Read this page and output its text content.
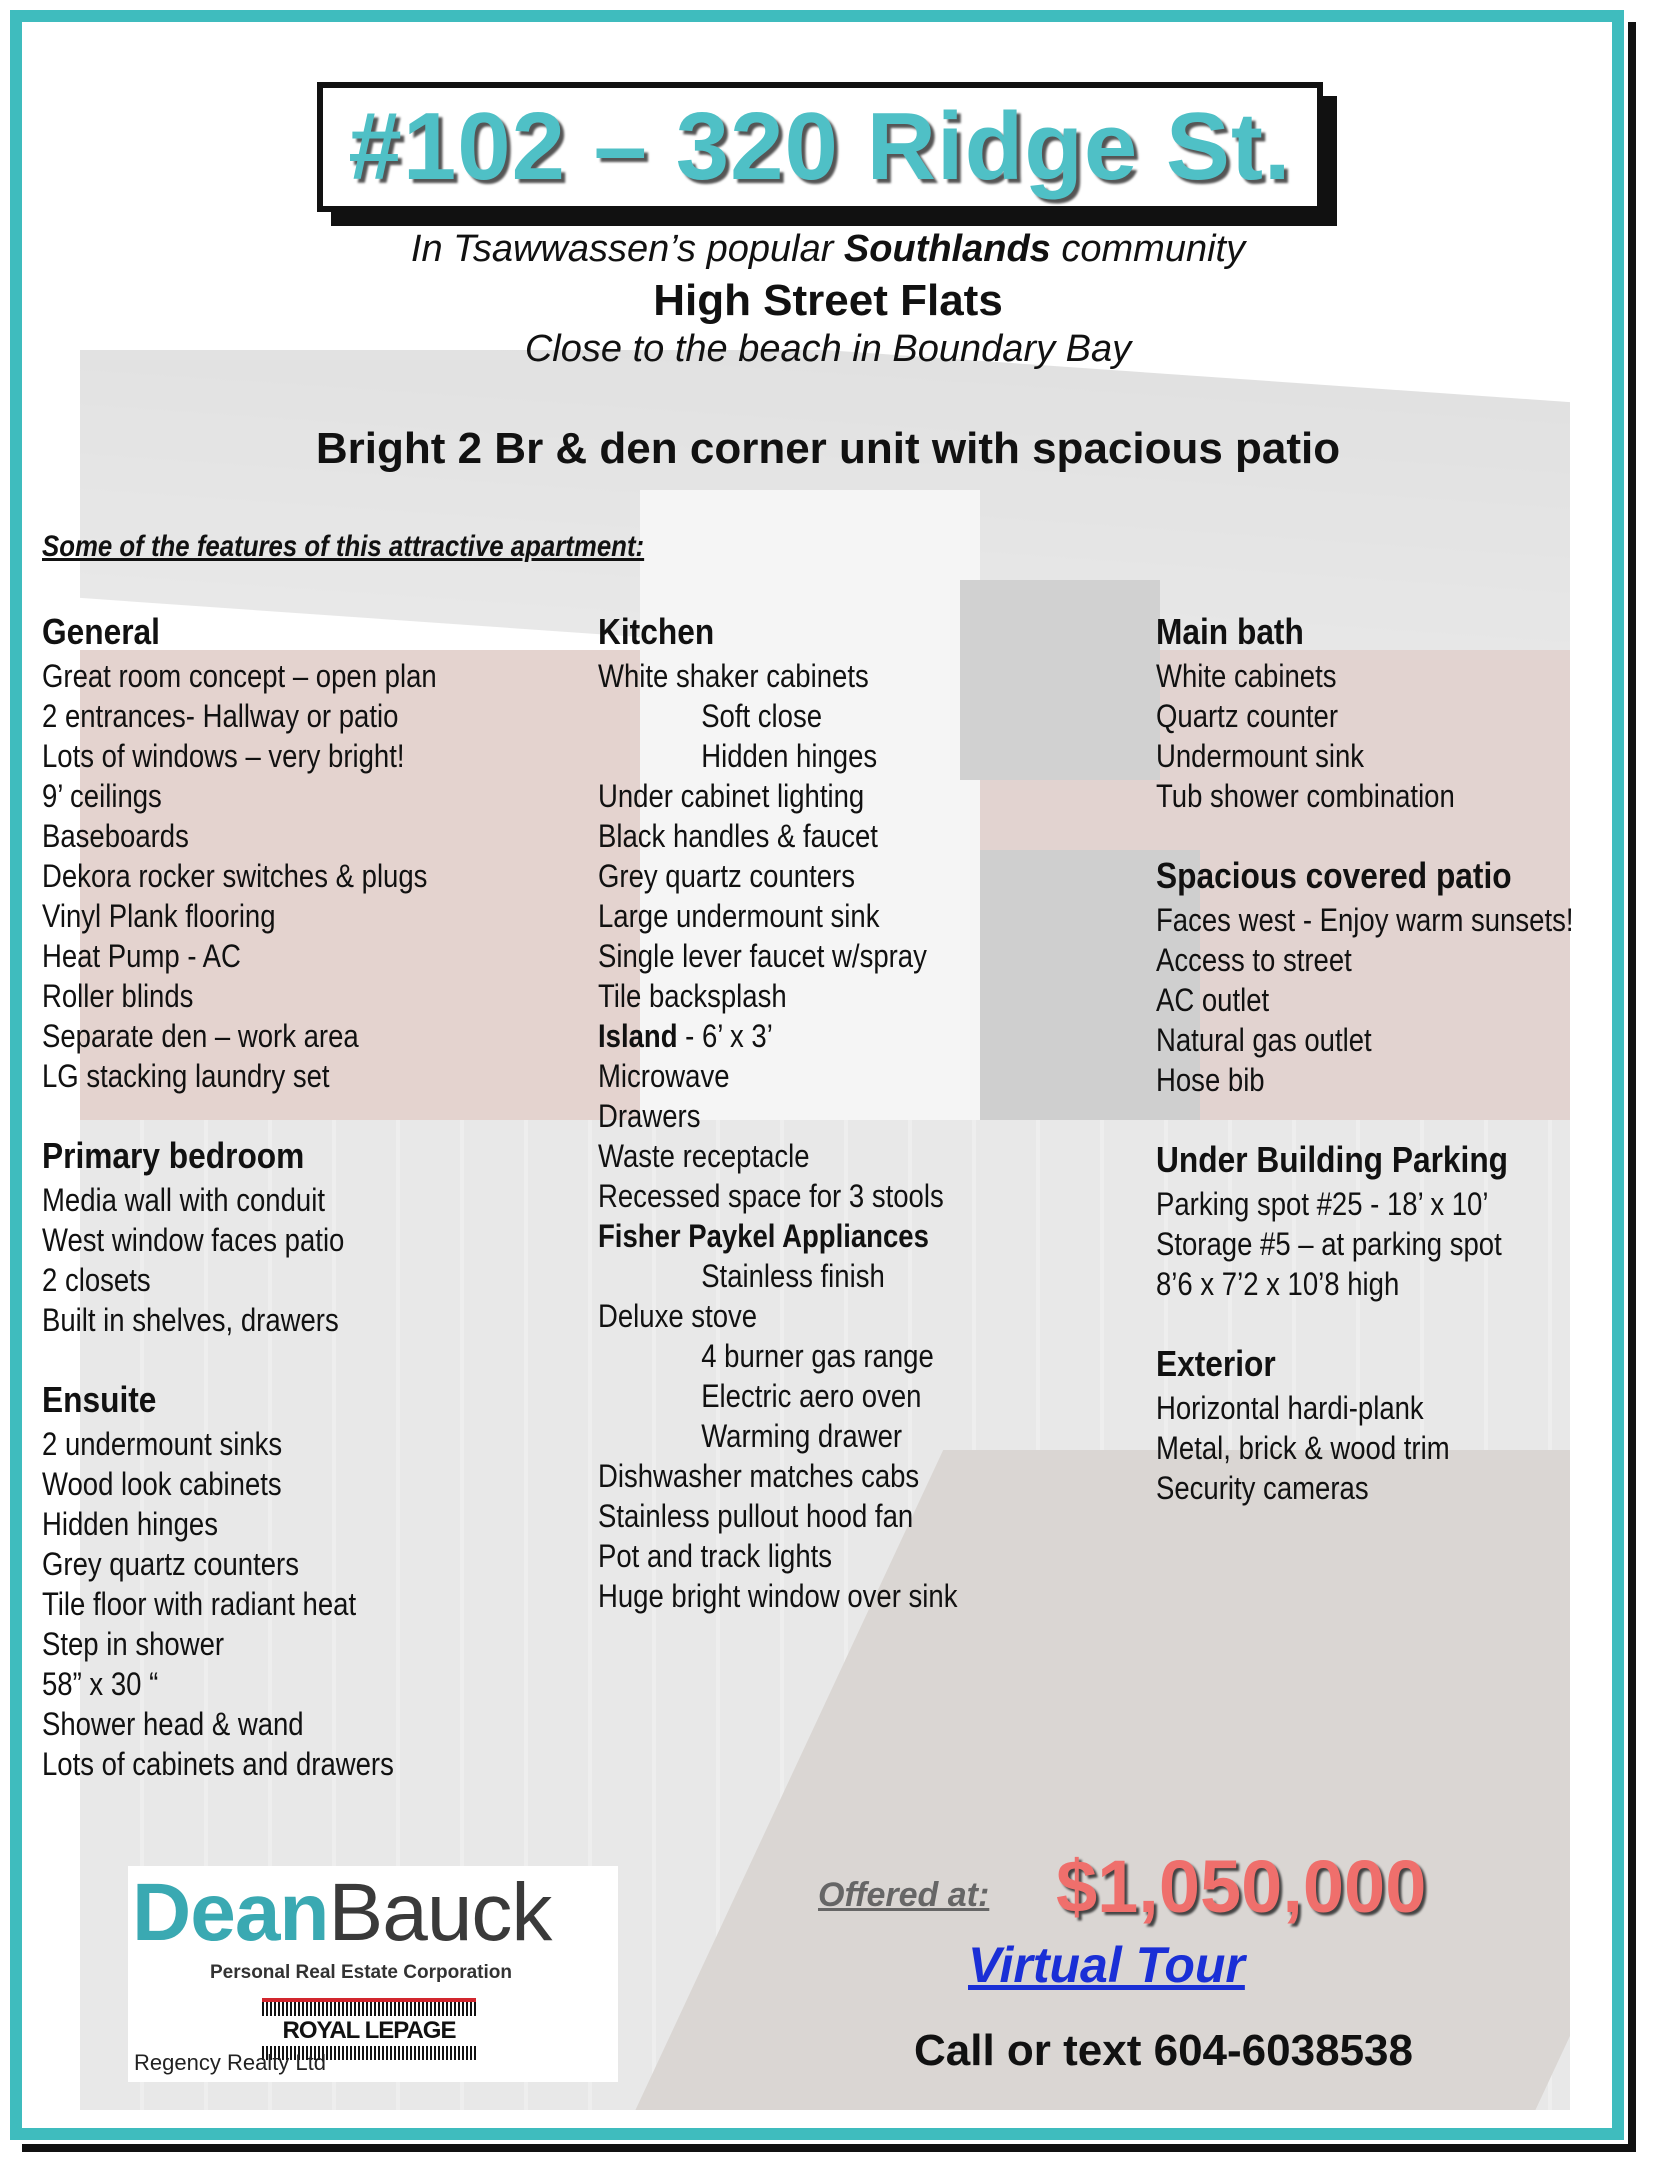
#102 – 320 Ridge St.
In Tsawwassen’s popular Southlands community
High Street Flats
Close to the beach in Boundary Bay
Bright 2 Br & den corner unit with spacious patio
Some of the features of this attractive apartment:
General
Great room concept – open plan
2 entrances- Hallway or patio
Lots of windows – very bright!
9’ ceilings
Baseboards
Dekora rocker switches & plugs
Vinyl Plank flooring
Heat Pump - AC
Roller blinds
Separate den – work area
LG stacking laundry set
Primary bedroom
Media wall with conduit
West window faces patio
2 closets
Built in shelves, drawers
Ensuite
2 undermount sinks
Wood look cabinets
Hidden hinges
Grey quartz counters
Tile floor with radiant heat
Step in shower
58” x 30 “
Shower head & wand
Lots of cabinets and drawers
Kitchen
White shaker cabinets
Soft close
Hidden hinges
Under cabinet lighting
Black handles & faucet
Grey quartz counters
Large undermount sink
Single lever faucet w/spray
Tile backsplash
Island - 6’ x 3’
Microwave
Drawers
Waste receptacle
Recessed space for 3 stools
Fisher Paykel Appliances
Stainless finish
Deluxe stove
4 burner gas range
Electric aero oven
Warming drawer
Dishwasher matches cabs
Stainless pullout hood fan
Pot and track lights
Huge bright window over sink
Main bath
White cabinets
Quartz counter
Undermount sink
Tub shower combination
Spacious covered patio
Faces west - Enjoy warm sunsets!
Access to street
AC outlet
Natural gas outlet
Hose bib
Under Building Parking
Parking spot #25 - 18’ x 10’
Storage #5 – at parking spot
8’6 x 7’2 x 10’8 high
Exterior
Horizontal hardi-plank
Metal, brick & wood trim
Security cameras
DeanBauck
Personal Real Estate Corporation
ROYAL LEPAGE
Regency Realty Ltd
Offered at: $1,050,000
Virtual Tour
Call or text 604-6038538
